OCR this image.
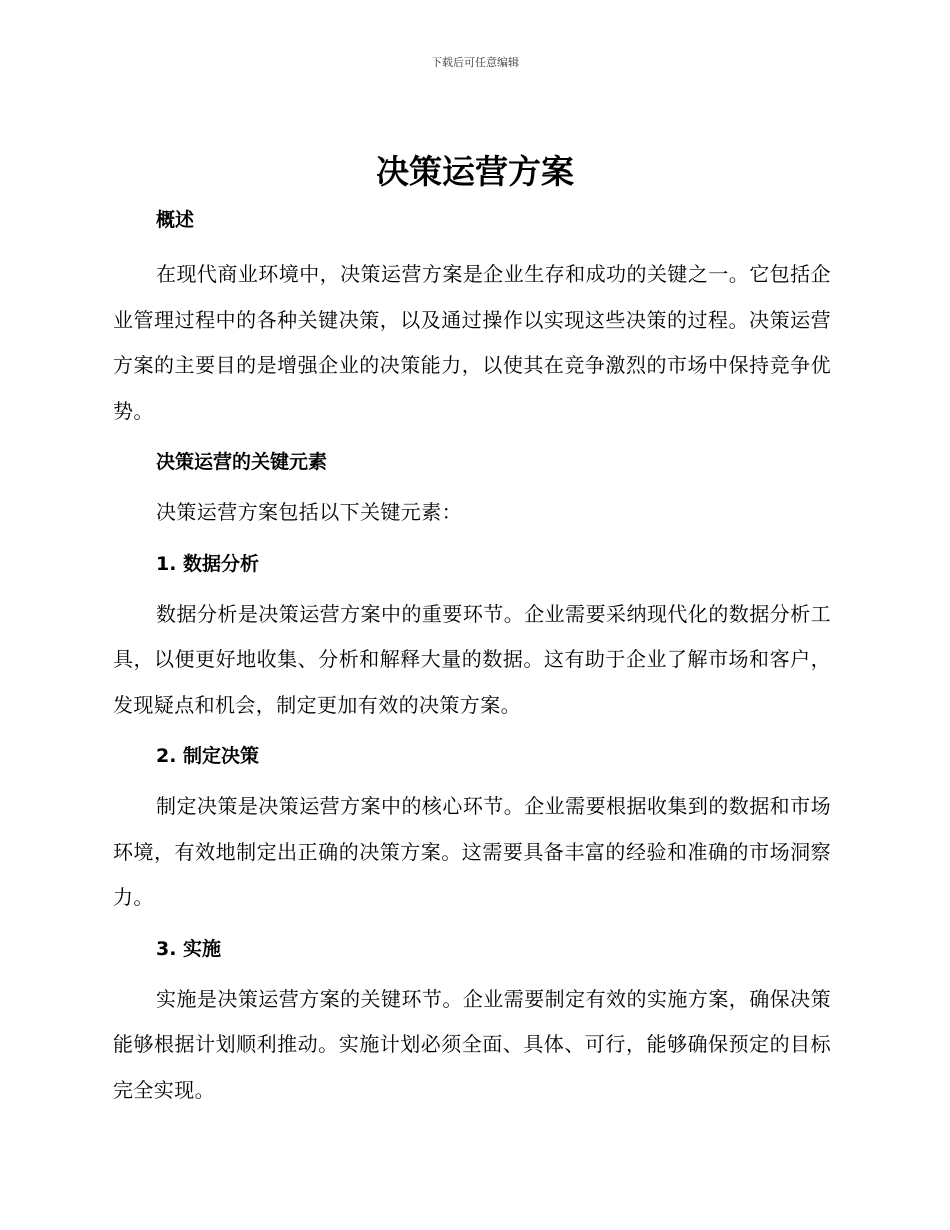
下载后可任意编辑
决策运营方案
概述

在现代商业环境中，决策运营方案是企业生存和成功的关键之一。它包括企业管理过程中的各种关键决策，以及通过操作以实现这些决策的过程。决策运营方案的主要目的是增强企业的决策能力，以使其在竞争激烈的市场中保持竞争优势。

决策运营的关键元素

决策运营方案包括以下关键元素：

1. 数据分析

数据分析是决策运营方案中的重要环节。企业需要采纳现代化的数据分析工具，以便更好地收集、分析和解释大量的数据。这有助于企业了解市场和客户，发现疑点和机会，制定更加有效的决策方案。

2. 制定决策

制定决策是决策运营方案中的核心环节。企业需要根据收集到的数据和市场环境，有效地制定出正确的决策方案。这需要具备丰富的经验和准确的市场洞察力。

3. 实施

实施是决策运营方案的关键环节。企业需要制定有效的实施方案，确保决策能够根据计划顺利推动。实施计划必须全面、具体、可行，能够确保预定的目标完全实现。
